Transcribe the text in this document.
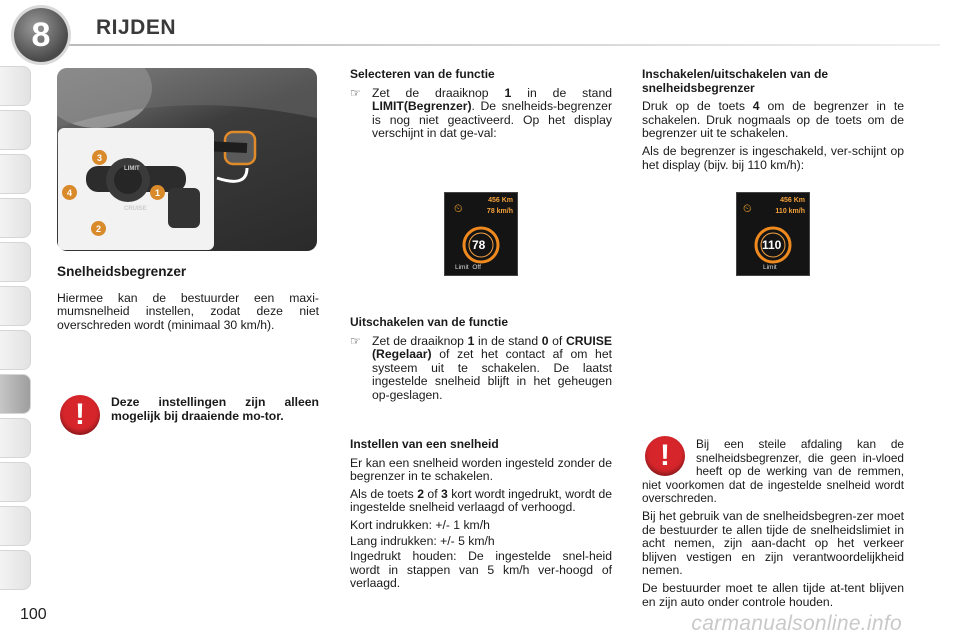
8 RIJDEN
LIMIT
CRUISE
3
4	1
2
Snelheidsbegrenzer

Hiermee kan de bestuurder een maxi-mumsnelheid instellen, zodat deze niet overschreden wordt (minimaal 30 km/h).

!	Deze instellingen zijn alleen mogelijk bij draaiende mo-tor.

Selecteren van de functie
☞ Zet de draaiknop 1 in de stand LIMIT(Begrenzer). De snelheids-begrenzer is nog niet geactiveerd. Op het display verschijnt in dat ge-val:

⏲
456 Km
78 km/h
78
Limit  Off
Uitschakelen van de functie
☞ Zet de draaiknop 1 in de stand 0 of CRUISE (Regelaar) of zet het contact af om het systeem uit te schakelen. De laatst ingestelde snelheid blijft in het geheugen op-geslagen.

Instellen van een snelheid

Er kan een snelheid worden ingesteld zonder de begrenzer in te schakelen.

Als de toets 2 of 3 kort wordt ingedrukt, wordt de ingestelde snelheid verlaagd of verhoogd.

Kort indrukken: +/- 1 km/h

Lang indrukken: +/- 5 km/h

Ingedrukt houden: De ingestelde snel-heid wordt in stappen van 5 km/h ver-hoogd of verlaagd.

Inschakelen/uitschakelen van de snelheidsbegrenzer

Druk op de toets 4 om de begrenzer in te schakelen. Druk nogmaals op de toets om de begrenzer uit te schakelen.

Als de begrenzer is ingeschakeld, ver-schijnt op het display (bijv. bij 110 km/h):

⏲
456 Km
110 km/h
110
Limit
!	Bij een steile afdaling kan de snelheidsbegrenzer, die geen in-vloed heeft op de werking van de remmen, niet voorkomen dat de ingestelde snelheid wordt overschreden.

Bij het gebruik van de snelheidsbegren-zer moet de bestuurder te allen tijde de snelheidslimiet in acht nemen, zijn aan-dacht op het verkeer blijven vestigen en zijn verantwoordelijkheid nemen.

De bestuurder moet te allen tijde at-tent blijven en zijn auto onder controle houden.

100	carmanualsonline.info
